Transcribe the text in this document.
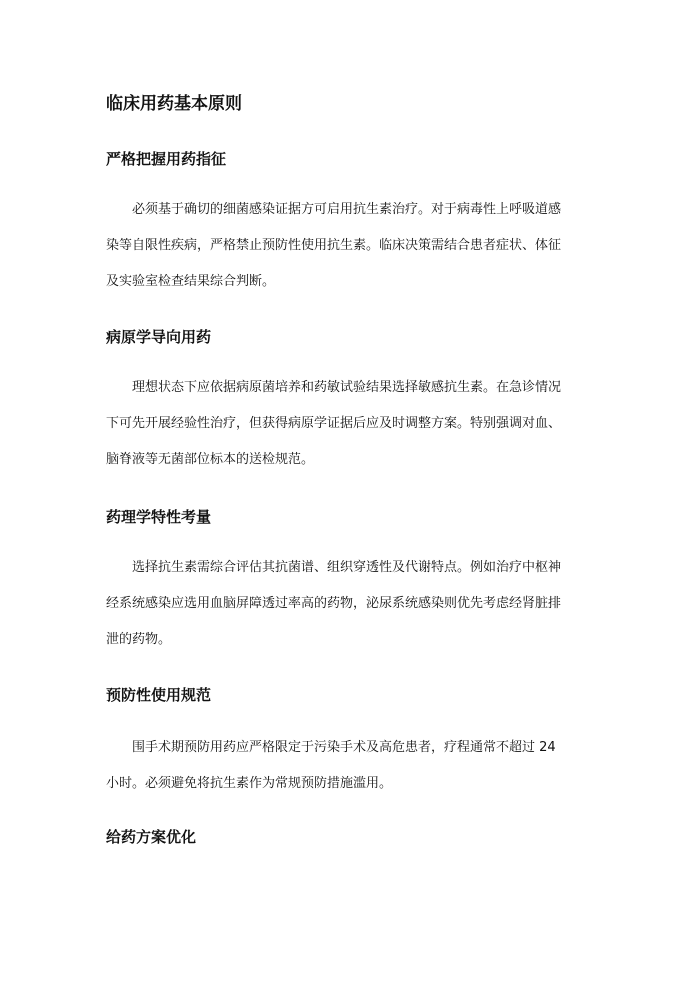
临床用药基本原则
严格把握用药指征
必须基于确切的细菌感染证据方可启用抗生素治疗。对于病毒性上呼吸道感
染等自限性疾病，严格禁止预防性使用抗生素。临床决策需结合患者症状、体征
及实验室检查结果综合判断。
病原学导向用药
理想状态下应依据病原菌培养和药敏试验结果选择敏感抗生素。在急诊情况
下可先开展经验性治疗，但获得病原学证据后应及时调整方案。特别强调对血、
脑脊液等无菌部位标本的送检规范。
药理学特性考量
选择抗生素需综合评估其抗菌谱、组织穿透性及代谢特点。例如治疗中枢神
经系统感染应选用血脑屏障透过率高的药物，泌尿系统感染则优先考虑经肾脏排
泄的药物。
预防性使用规范
围手术期预防用药应严格限定于污染手术及高危患者，疗程通常不超过 24
小时。必须避免将抗生素作为常规预防措施滥用。
给药方案优化
